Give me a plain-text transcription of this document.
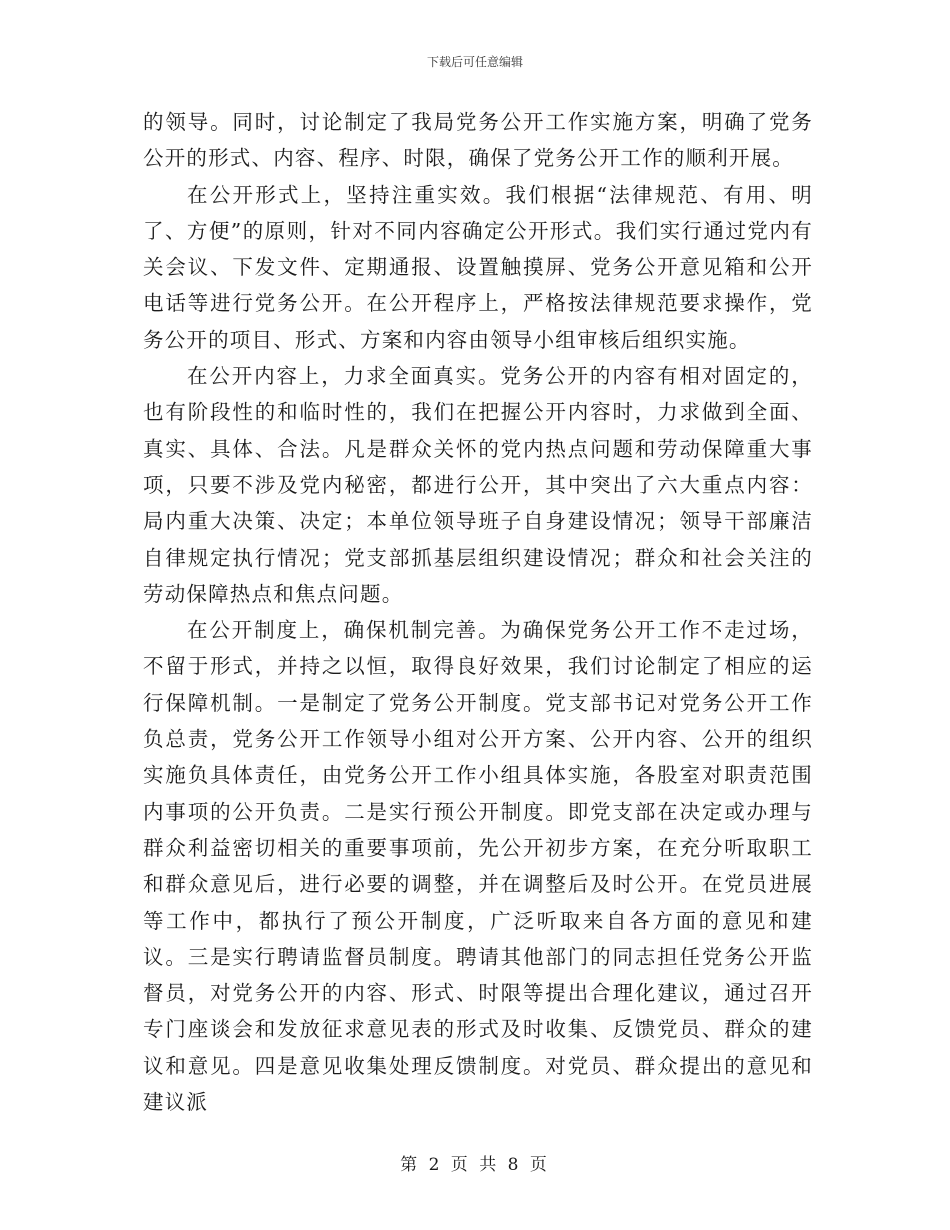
下载后可任意编辑

的领导。同时，讨论制定了我局党务公开工作实施方案，明确了党务公开的形式、内容、程序、时限，确保了党务公开工作的顺利开展。

在公开形式上，坚持注重实效。我们根据“法律规范、有用、明了、方便”的原则，针对不同内容确定公开形式。我们实行通过党内有关会议、下发文件、定期通报、设置触摸屏、党务公开意见箱和公开电话等进行党务公开。在公开程序上，严格按法律规范要求操作，党务公开的项目、形式、方案和内容由领导小组审核后组织实施。

在公开内容上，力求全面真实。党务公开的内容有相对固定的，也有阶段性的和临时性的，我们在把握公开内容时，力求做到全面、真实、具体、合法。凡是群众关怀的党内热点问题和劳动保障重大事项，只要不涉及党内秘密，都进行公开，其中突出了六大重点内容：局内重大决策、决定；本单位领导班子自身建设情况；领导干部廉洁自律规定执行情况；党支部抓基层组织建设情况；群众和社会关注的劳动保障热点和焦点问题。

在公开制度上，确保机制完善。为确保党务公开工作不走过场，不留于形式，并持之以恒，取得良好效果，我们讨论制定了相应的运行保障机制。一是制定了党务公开制度。党支部书记对党务公开工作负总责，党务公开工作领导小组对公开方案、公开内容、公开的组织实施负具体责任，由党务公开工作小组具体实施，各股室对职责范围内事项的公开负责。二是实行预公开制度。即党支部在决定或办理与群众利益密切相关的重要事项前，先公开初步方案，在充分听取职工和群众意见后，进行必要的调整，并在调整后及时公开。在党员进展等工作中，都执行了预公开制度，广泛听取来自各方面的意见和建议。三是实行聘请监督员制度。聘请其他部门的同志担任党务公开监督员，对党务公开的内容、形式、时限等提出合理化建议，通过召开专门座谈会和发放征求意见表的形式及时收集、反馈党员、群众的建议和意见。四是意见收集处理反馈制度。对党员、群众提出的意见和建议派

第 2 页 共 8 页
